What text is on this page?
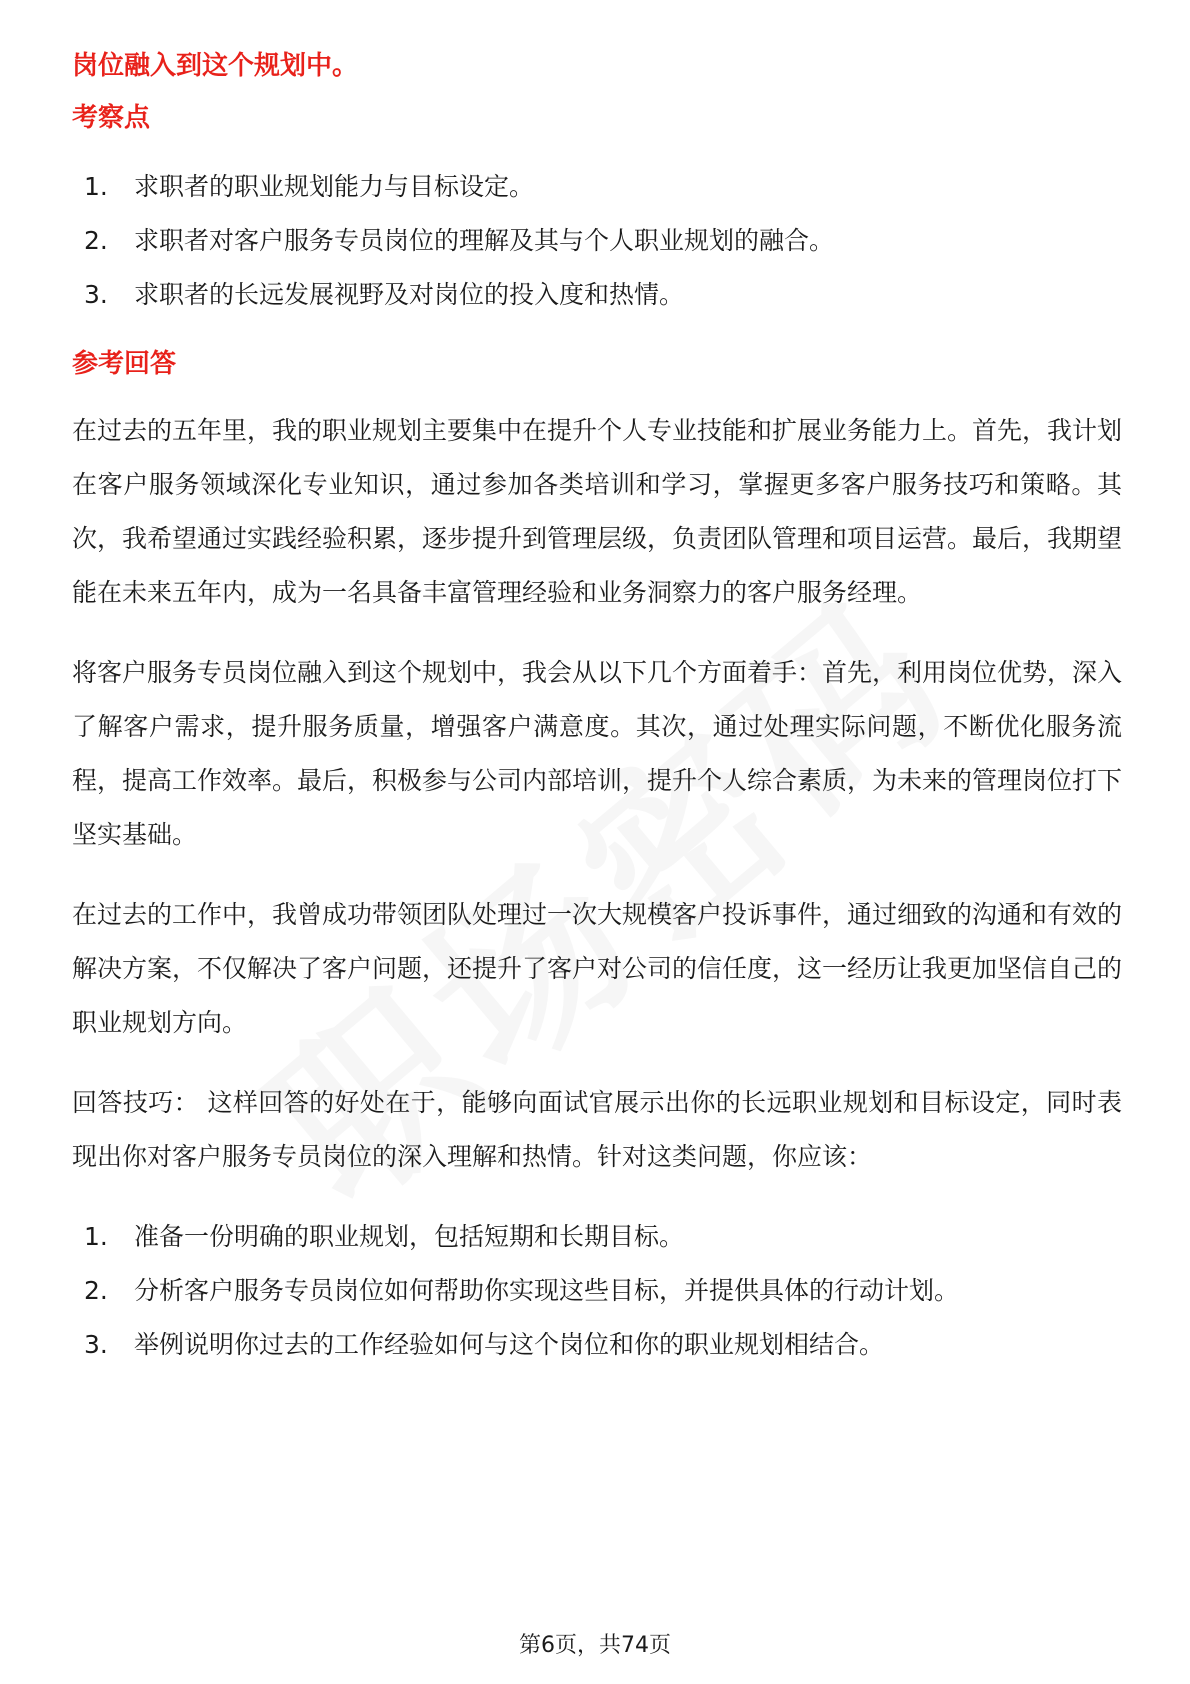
岗位融入到这个规划中。

考察点

1.	求职者的职业规划能力与目标设定。
2.	求职者对客户服务专员岗位的理解及其与个人职业规划的融合。
3.	求职者的长远发展视野及对岗位的投入度和热情。

参考回答

在过去的五年里，我的职业规划主要集中在提升个人专业技能和扩展业务能力上。首先，我计划在客户服务领域深化专业知识，通过参加各类培训和学习，掌握更多客户服务技巧和策略。其次，我希望通过实践经验积累，逐步提升到管理层级，负责团队管理和项目运营。最后，我期望能在未来五年内，成为一名具备丰富管理经验和业务洞察力的客户服务经理。

将客户服务专员岗位融入到这个规划中，我会从以下几个方面着手：首先，利用岗位优势，深入了解客户需求，提升服务质量，增强客户满意度。其次，通过处理实际问题，不断优化服务流程，提高工作效率。最后，积极参与公司内部培训，提升个人综合素质，为未来的管理岗位打下坚实基础。

在过去的工作中，我曾成功带领团队处理过一次大规模客户投诉事件，通过细致的沟通和有效的解决方案，不仅解决了客户问题，还提升了客户对公司的信任度，这一经历让我更加坚信自己的职业规划方向。

回答技巧： 这样回答的好处在于，能够向面试官展示出你的长远职业规划和目标设定，同时表现出你对客户服务专员岗位的深入理解和热情。针对这类问题，你应该：

1.	准备一份明确的职业规划，包括短期和长期目标。
2.	分析客户服务专员岗位如何帮助你实现这些目标，并提供具体的行动计划。
3.	举例说明你过去的工作经验如何与这个岗位和你的职业规划相结合。
第6页，共74页
